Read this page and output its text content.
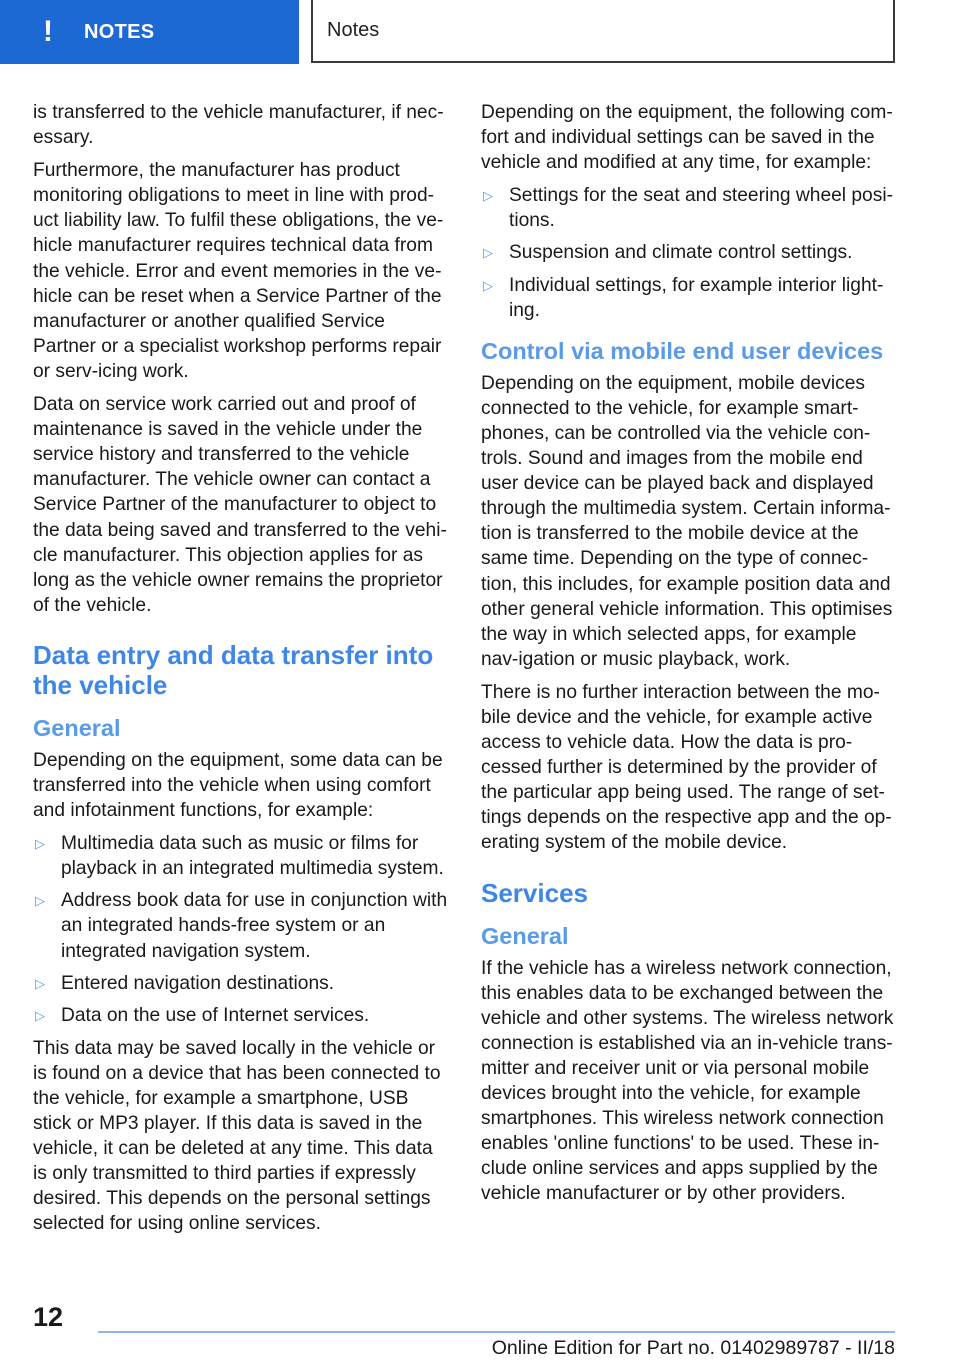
! NOTES	Notes

is transferred to the vehicle manufacturer, if nec‐essary.

Furthermore, the manufacturer has product monitoring obligations to meet in line with prod‐uct liability law. To fulfil these obligations, the ve‐hicle manufacturer requires technical data from the vehicle. Error and event memories in the ve‐hicle can be reset when a Service Partner of the manufacturer or another qualified Service Partner or a specialist workshop performs repair or serv‐icing work.

Data on service work carried out and proof of maintenance is saved in the vehicle under the service history and transferred to the vehicle manufacturer. The vehicle owner can contact a Service Partner of the manufacturer to object to the data being saved and transferred to the vehi‐cle manufacturer. This objection applies for as long as the vehicle owner remains the proprietor of the vehicle.

Data entry and data transfer into the vehicle
General

Depending on the equipment, some data can be transferred into the vehicle when using comfort and infotainment functions, for example:

▷ Multimedia data such as music or films for playback in an integrated multimedia system.
▷ Address book data for use in conjunction with an integrated hands-free system or an integrated navigation system.
▷ Entered navigation destinations.
▷ Data on the use of Internet services.

This data may be saved locally in the vehicle or is found on a device that has been connected to the vehicle, for example a smartphone, USB stick or MP3 player. If this data is saved in the vehicle, it can be deleted at any time. This data is only transmitted to third parties if expressly desired. This depends on the personal settings selected for using online services.

Depending on the equipment, the following com‐fort and individual settings can be saved in the vehicle and modified at any time, for example:

▷ Settings for the seat and steering wheel posi‐tions.
▷ Suspension and climate control settings.
▷ Individual settings, for example interior light‐ing.
Control via mobile end user devices

Depending on the equipment, mobile devices connected to the vehicle, for example smart‐phones, can be controlled via the vehicle con‐trols. Sound and images from the mobile end user device can be played back and displayed through the multimedia system. Certain informa‐tion is transferred to the mobile device at the same time. Depending on the type of connec‐tion, this includes, for example position data and other general vehicle information. This optimises the way in which selected apps, for example nav‐igation or music playback, work.

There is no further interaction between the mo‐bile device and the vehicle, for example active access to vehicle data. How the data is pro‐cessed further is determined by the provider of the particular app being used. The range of set‐tings depends on the respective app and the op‐erating system of the mobile device.

Services
General

If the vehicle has a wireless network connection, this enables data to be exchanged between the vehicle and other systems. The wireless network connection is established via an in-vehicle trans‐mitter and receiver unit or via personal mobile devices brought into the vehicle, for example smartphones. This wireless network connection enables 'online functions' to be used. These in‐clude online services and apps supplied by the vehicle manufacturer or by other providers.

12
Online Edition for Part no. 01402989787 - II/18
